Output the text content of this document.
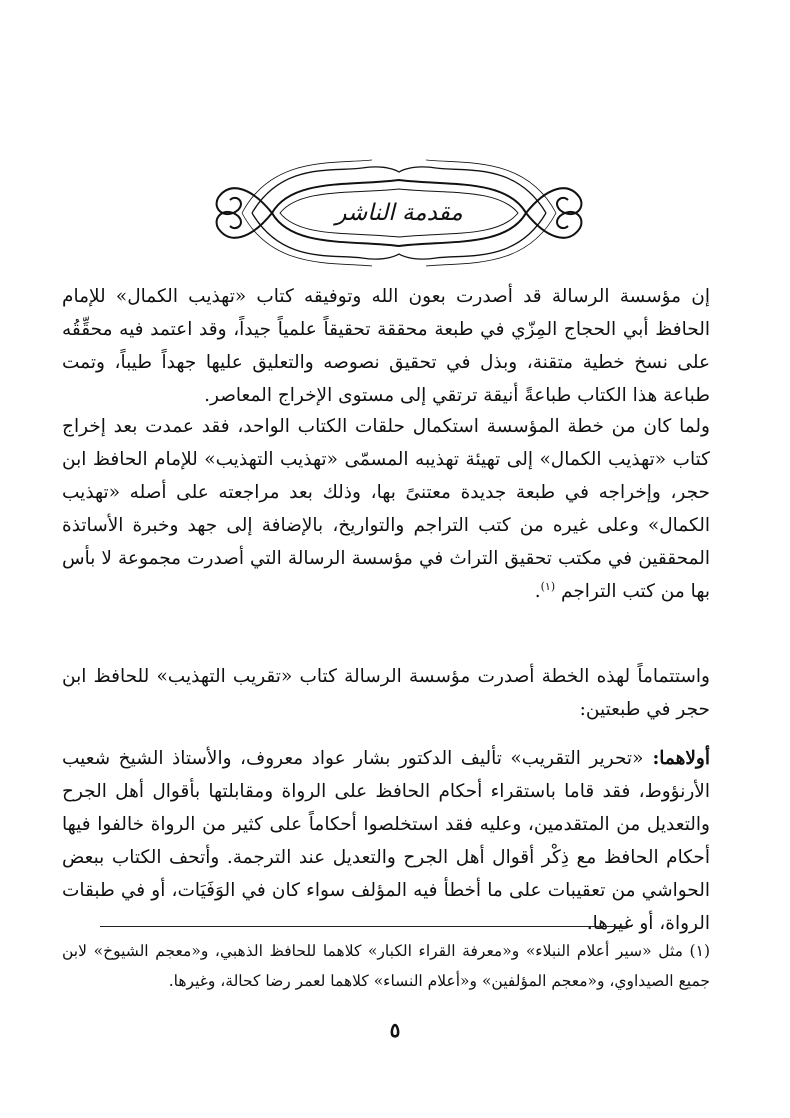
مقدمة الناشر

إن مؤسسة الرسالة قد أصدرت بعون الله وتوفيقه كتاب «تهذيب الكمال» للإمام الحافظ أبي الحجاج المِزّي في طبعة محققة تحقيقاً علمياً جيداً، وقد اعتمد فيه محقِّقُه على نسخ خطية متقنة، وبذل في تحقيق نصوصه والتعليق عليها جهداً طيباً، وتمت طباعة هذا الكتاب طباعةً أنيقة ترتقي إلى مستوى الإخراج المعاصر.

ولما كان من خطة المؤسسة استكمال حلقات الكتاب الواحد، فقد عمدت بعد إخراج كتاب «تهذيب الكمال» إلى تهيئة تهذيبه المسمّى «تهذيب التهذيب» للإمام الحافظ ابن حجر، وإخراجه في طبعة جديدة معتنىً بها، وذلك بعد مراجعته على أصله «تهذيب الكمال» وعلى غيره من كتب التراجم والتواريخ، بالإضافة إلى جهد وخبرة الأساتذة المحققين في مكتب تحقيق التراث في مؤسسة الرسالة التي أصدرت مجموعة لا بأس بها من كتب التراجم $^{(١)}$.

واستتماماً لهذه الخطة أصدرت مؤسسة الرسالة كتاب «تقريب التهذيب» للحافظ ابن حجر في طبعتين:

أولاهما: «تحرير التقريب» تأليف الدكتور بشار عواد معروف، والأستاذ الشيخ شعيب الأرنؤوط، فقد قاما باستقراء أحكام الحافظ على الرواة ومقابلتها بأقوال أهل الجرح والتعديل من المتقدمين، وعليه فقد استخلصوا أحكاماً على كثير من الرواة خالفوا فيها أحكام الحافظ مع ذِكْر أقوال أهل الجرح والتعديل عند الترجمة. وأتحف الكتاب ببعض الحواشي من تعقيبات على ما أخطأ فيه المؤلف سواء كان في الوَفَيَات، أو في طبقات الرواة، أو غيرها.

(١) مثل «سير أعلام النبلاء» و«معرفة القراء الكبار» كلاهما للحافظ الذهبي، و«معجم الشيوخ» لابن جميع الصيداوي، و«معجم المؤلفين» و«أعلام النساء» كلاهما لعمر رضا كحالة، وغيرها.

٥
